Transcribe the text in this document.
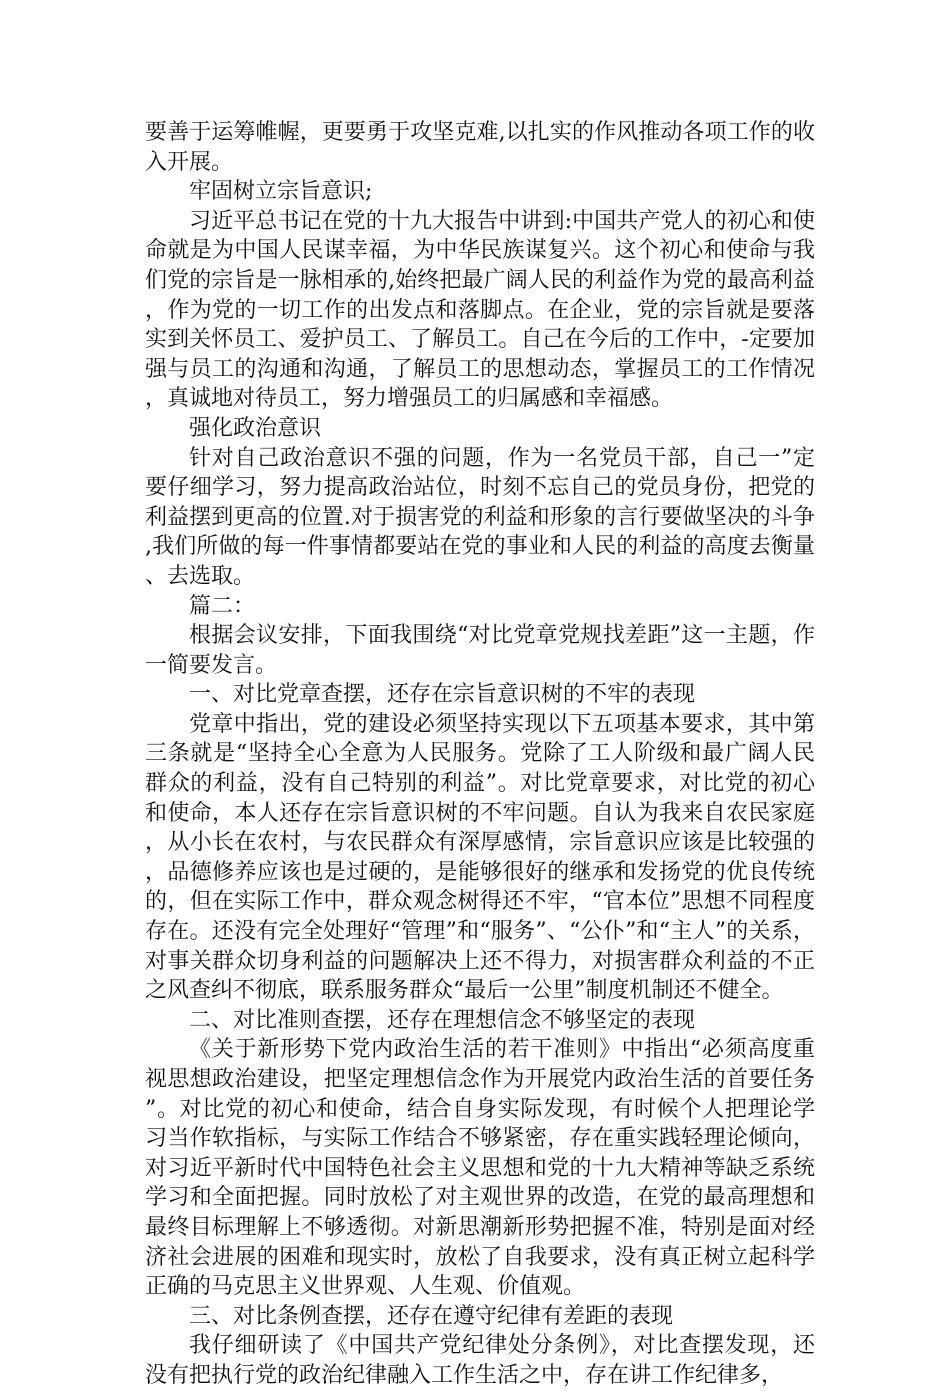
要善于运筹帷幄，更要勇于攻坚克难,以扎实的作风推动各项工作的收入开展。

牢固树立宗旨意识;

习近平总书记在党的十九大报告中讲到:中国共产党人的初心和使命就是为中国人民谋幸福，为中华民族谋复兴。这个初心和使命与我们党的宗旨是一脉相承的,始终把最广阔人民的利益作为党的最高利益，作为党的一切工作的出发点和落脚点。在企业，党的宗旨就是要落实到关怀员工、爱护员工、了解员工。自己在今后的工作中，-定要加强与员工的沟通和沟通，了解员工的思想动态，掌握员工的工作情况，真诚地对待员工，努力增强员工的归属感和幸福感。

强化政治意识

针对自己政治意识不强的问题，作为一名党员干部，自己一”定要仔细学习，努力提高政治站位，时刻不忘自己的党员身份，把党的利益摆到更高的位置.对于损害党的利益和形象的言行要做坚决的斗争,我们所做的每一件事情都要站在党的事业和人民的利益的高度去衡量、去选取。

篇二：

根据会议安排，下面我围绕“对比党章党规找差距”这一主题，作一简要发言。

一、对比党章查摆，还存在宗旨意识树的不牢的表现

党章中指出，党的建设必须坚持实现以下五项基本要求，其中第三条就是“坚持全心全意为人民服务。党除了工人阶级和最广阔人民群众的利益，没有自己特别的利益”。对比党章要求，对比党的初心和使命，本人还存在宗旨意识树的不牢问题。自认为我来自农民家庭，从小长在农村，与农民群众有深厚感情，宗旨意识应该是比较强的，品德修养应该也是过硬的，是能够很好的继承和发扬党的优良传统的，但在实际工作中，群众观念树得还不牢，“官本位”思想不同程度存在。还没有完全处理好“管理”和“服务”、“公仆”和“主人”的关系，对事关群众切身利益的问题解决上还不得力，对损害群众利益的不正之风查纠不彻底，联系服务群众“最后一公里”制度机制还不健全。

二、对比准则查摆，还存在理想信念不够坚定的表现

《关于新形势下党内政治生活的若干准则》中指出“必须高度重视思想政治建设，把坚定理想信念作为开展党内政治生活的首要任务”。对比党的初心和使命，结合自身实际发现，有时候个人把理论学习当作软指标，与实际工作结合不够紧密，存在重实践轻理论倾向，对习近平新时代中国特色社会主义思想和党的十九大精神等缺乏系统学习和全面把握。同时放松了对主观世界的改造，在党的最高理想和最终目标理解上不够透彻。对新思潮新形势把握不准，特别是面对经济社会进展的困难和现实时，放松了自我要求，没有真正树立起科学正确的马克思主义世界观、人生观、价值观。

三、对比条例查摆，还存在遵守纪律有差距的表现

我仔细研读了《中国共产党纪律处分条例》，对比查摆发现，还没有把执行党的政治纪律融入工作生活之中，存在讲工作纪律多，
